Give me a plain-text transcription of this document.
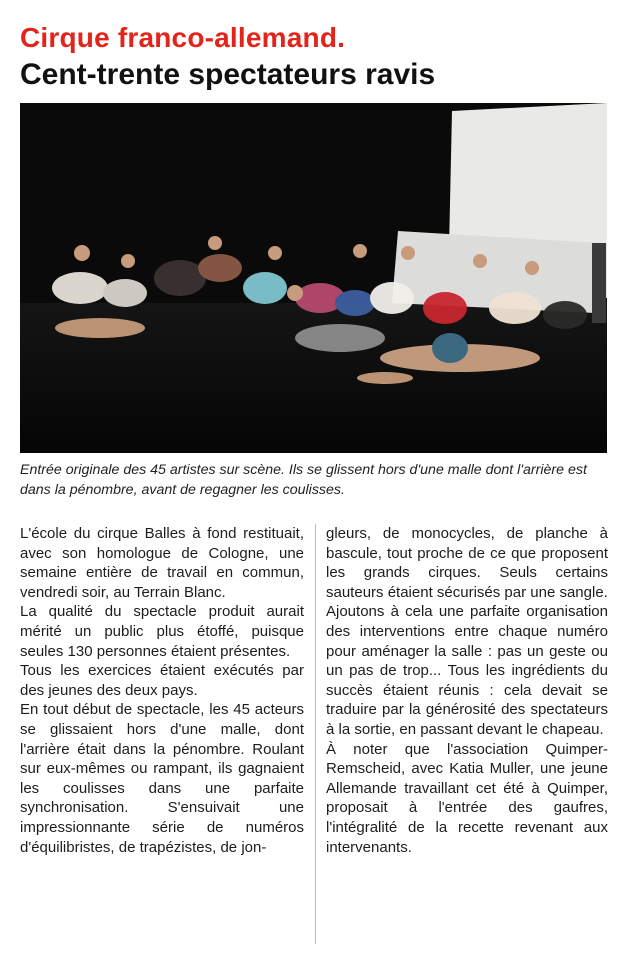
Cirque franco-allemand.
Cent-trente spectateurs ravis
Entrée originale des 45 artistes sur scène. Ils se glissent hors d'une malle dont l'arrière est dans la pénombre, avant de regagner les coulisses.

L'école du cirque Balles à fond restituait, avec son homologue de Cologne, une semaine entière de travail en commun, vendredi soir, au Terrain Blanc.

La qualité du spectacle produit aurait mérité un public plus étoffé, puisque seules 130 personnes étaient présentes.

Tous les exercices étaient exécutés par des jeunes des deux pays.

En tout début de spectacle, les 45 acteurs se glissaient hors d'une malle, dont l'arrière était dans la pénombre. Roulant sur eux-mêmes ou rampant, ils gagnaient les coulisses dans une parfaite synchronisation. S'ensuivait une impressionnante série de numéros d'équilibristes, de trapézistes, de jon-

gleurs, de monocycles, de planche à bascule, tout proche de ce que proposent les grands cirques. Seuls certains sauteurs étaient sécurisés par une sangle.

Ajoutons à cela une parfaite organisation des interventions entre chaque numéro pour aménager la salle : pas un geste ou un pas de trop... Tous les ingrédients du succès étaient réunis : cela devait se traduire par la générosité des spectateurs à la sortie, en passant devant le chapeau.

À noter que l'association Quimper-Remscheid, avec Katia Muller, une jeune Allemande travaillant cet été à Quimper, proposait à l'entrée des gaufres, l'intégralité de la recette revenant aux intervenants.
